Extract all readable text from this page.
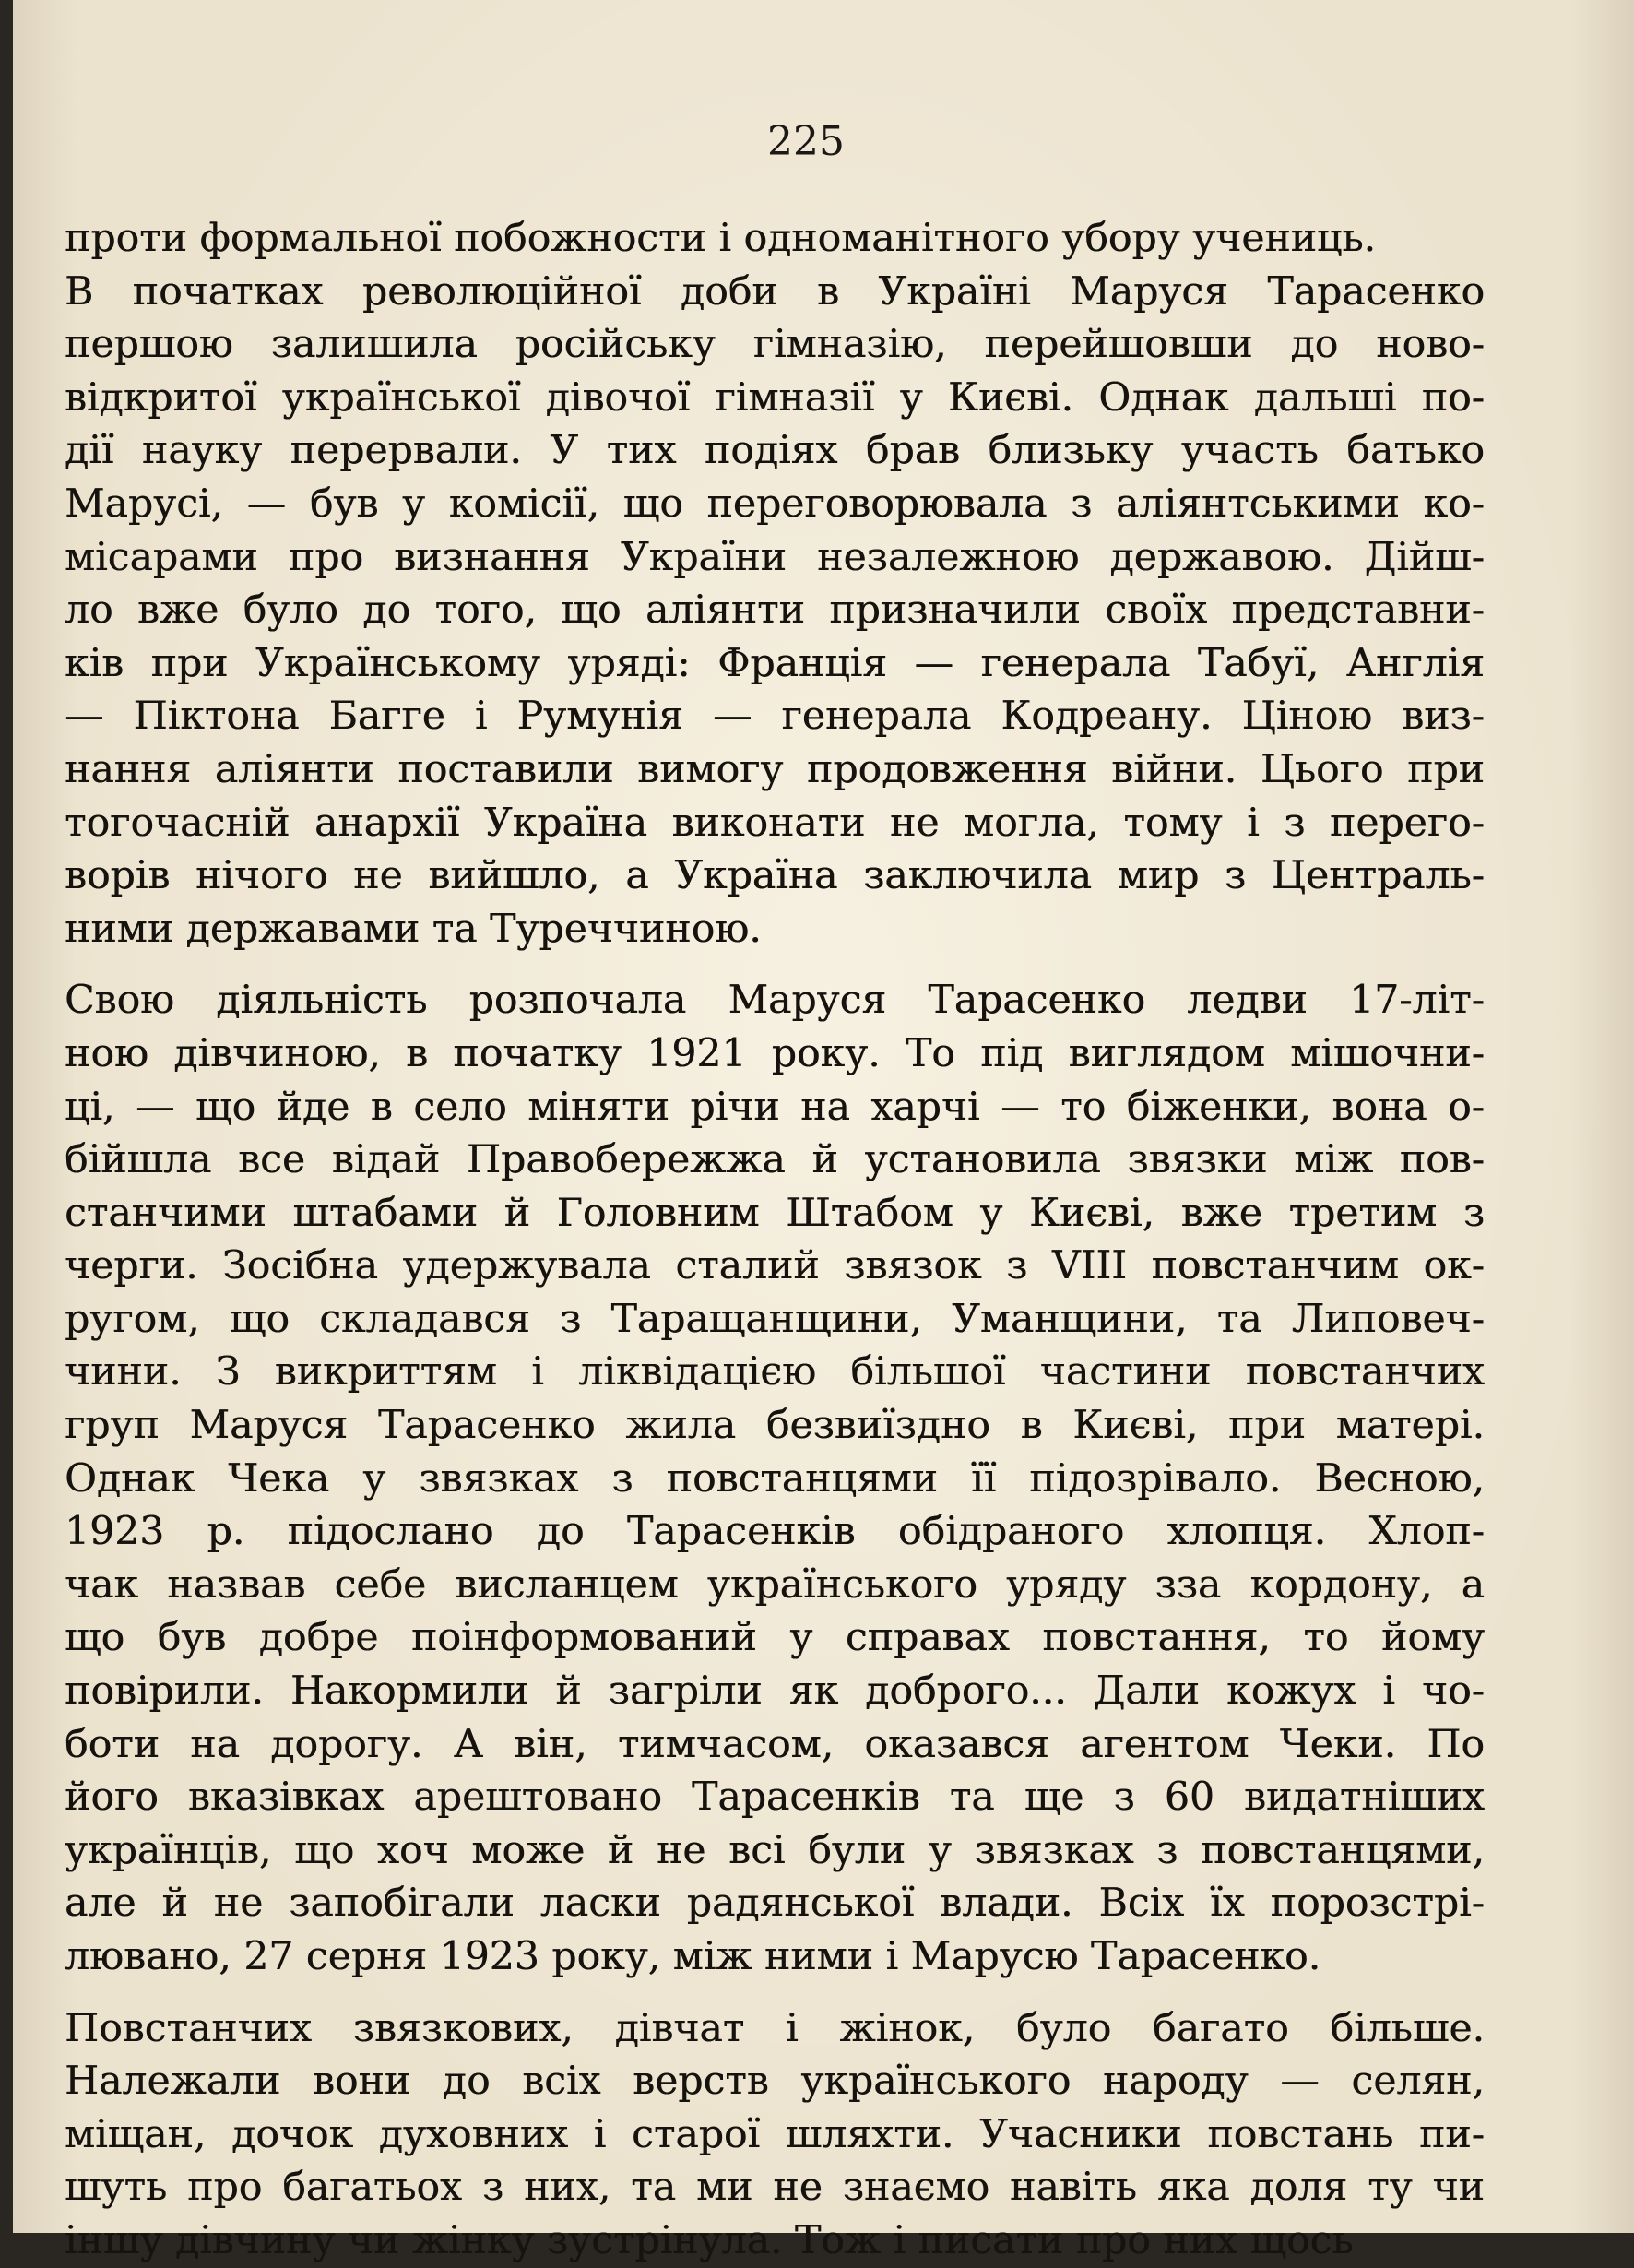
225
проти формальної побожности і одноманітного убору учениць.
В початках революційної доби в Україні Маруся Тарасенко
першою залишила російську гімназію, перейшовши до ново-
відкритої української дівочої гімназії у Києві. Однак дальші по-
дії науку перервали. У тих подіях брав близьку участь батько
Марусі, — був у комісії, що переговорювала з аліянтськими ко-
місарами про визнання України незалежною державою. Дійш-
ло вже було до того, що аліянти призначили своїх представни-
ків при Українському уряді: Франція — генерала Табуї, Англія
— Піктона Багге і Румунія — генерала Кодреану. Ціною виз-
нання аліянти поставили вимогу продовження війни. Цього при
тогочасній анархії Україна виконати не могла, тому і з перего-
ворів нічого не вийшло, а Україна заключила мир з Централь-
ними державами та Туреччиною.
Свою діяльність розпочала Маруся Тарасенко ледви 17-літ-
ною дівчиною, в початку 1921 року. То під виглядом мішочни-
ці, — що йде в село міняти річи на харчі — то біженки, вона о-
бійшла все відай Правобережжа й установила звязки між пов-
станчими штабами й Головним Штабом у Києві, вже третим з
черги. Зосібна удержувала сталий звязок з VIII повстанчим ок-
ругом, що складався з Таращанщини, Уманщини, та Липовеч-
чини. З викриттям і ліквідацією більшої частини повстанчих
груп Маруся Тарасенко жила безвиїздно в Києві, при матері.
Однак Чека у звязках з повстанцями її підозрівало. Весною,
1923 р. підослано до Тарасенків обідраного хлопця. Хлоп-
чак назвав себе висланцем українського уряду зза кордону, а
що був добре поінформований у справах повстання, то йому
повірили. Накормили й загріли як доброго... Дали кожух і чо-
боти на дорогу. А він, тимчасом, оказався агентом Чеки. По
його вказівках арештовано Тарасенків та ще з 60 видатніших
українців, що хоч може й не всі були у звязках з повстанцями,
але й не запобігали ласки радянської влади. Всіх їх порозстрі-
лювано, 27 серня 1923 року, між ними і Марусю Тарасенко.
Повстанчих звязкових, дівчат і жінок, було багато більше.
Належали вони до всіх верств українського народу — селян,
міщан, дочок духовних і старої шляхти. Учасники повстань пи-
шуть про багатьох з них, та ми не знаємо навіть яка доля ту чи
іншу дівчину чи жінку зустрінула. Тож і писати про них щось
